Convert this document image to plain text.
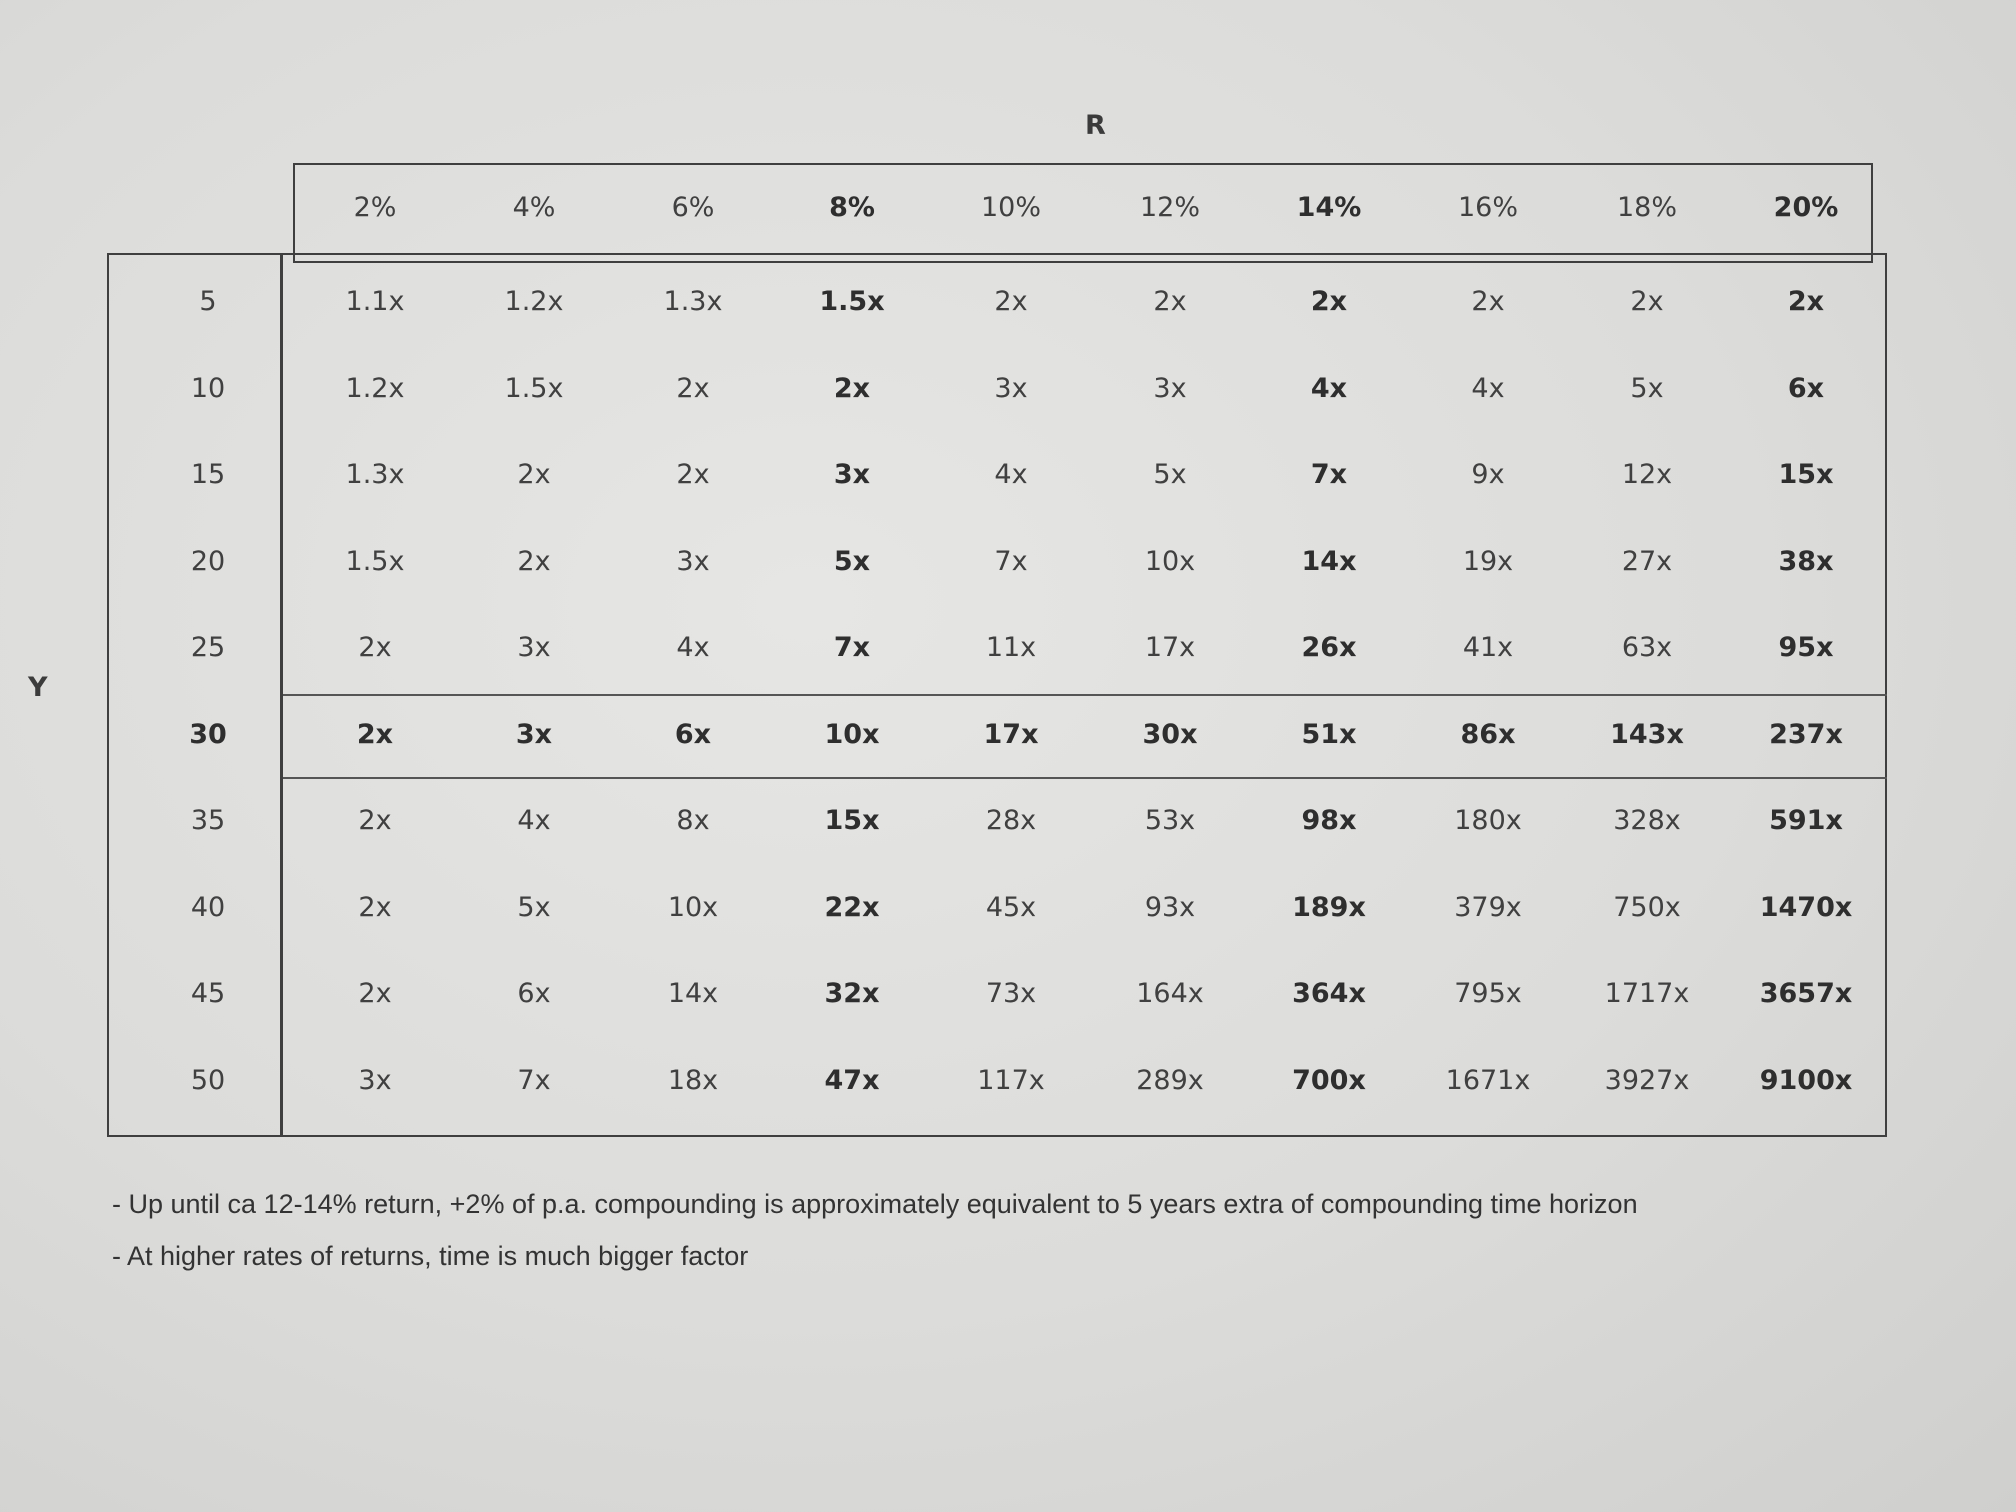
R
Y
2%	4%	6%	8%	10%	12%	14%	16%	18%	20%
5	1.1x	1.2x	1.3x	1.5x	2x	2x	2x	2x	2x	2x
10	1.2x	1.5x	2x	2x	3x	3x	4x	4x	5x	6x
15	1.3x	2x	2x	3x	4x	5x	7x	9x	12x	15x
20	1.5x	2x	3x	5x	7x	10x	14x	19x	27x	38x
25	2x	3x	4x	7x	11x	17x	26x	41x	63x	95x
30	2x	3x	6x	10x	17x	30x	51x	86x	143x	237x
35	2x	4x	8x	15x	28x	53x	98x	180x	328x	591x
40	2x	5x	10x	22x	45x	93x	189x	379x	750x	1470x
45	2x	6x	14x	32x	73x	164x	364x	795x	1717x	3657x
50	3x	7x	18x	47x	117x	289x	700x	1671x	3927x	9100x
- Up until ca 12-14% return, +2% of p.a. compounding is approximately equivalent to 5 years extra of compounding time horizon
- At higher rates of returns, time is much bigger factor
